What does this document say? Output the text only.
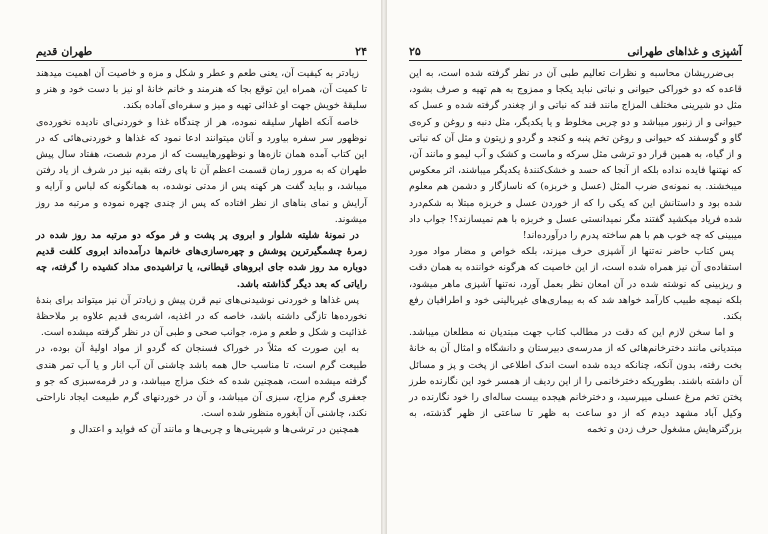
طهران قدیم	۲۴

زیادتر به کیفیت آن، یعنی طعم و عطر و شکل و مزه و خاصیت آن اهمیت میدهند تا کمیت آن، همراه این توقع بجا که هنرمند و خانم خانهٔ او نیز با دست خود و هنر و سلیقهٔ خویش جهت او غذائی تهیه و میز و سفره‌ای آماده بکند.

خاصه آنکه اظهار سلیقه نموده، هر از چندگاه غذا و خوردنی‌ای نادیده نخورده‌ی نوظهور سر سفره بیاورد و آنان میتوانند ادعا نمود که غذاها و خوردنی‌هائی که در این کتاب آمده همان تازه‌ها و نوظهورهاییست که از مردم شصت، هفتاد سال پیش طهران که به مرور زمان قسمت اعظم آن تا پای رفته بقیه نیز در شرف از یاد رفتن میباشد، و بباید گفت هر کهنه پس از مدتی نوشده، به همانگونه که لباس و آرایه و آرایش و نمای بناهای از نظر افتاده که پس از چندی چهره نموده و مرتبه مد روز میشوند.

در نمونهٔ شلیته شلوار و ابروی پر پشت و فر موکه دو مرتبه مد روز شده در زمرهٔ چشمگیرترین پوشش و چهره‌سازی‌های خانم‌ها درآمده‌اند ابروی کلفت قدیم دوباره مد روز شده جای ابروهای قیطانی، یا تراشیده‌ی مداد کشیده را گرفته، چه رایاتی که بعد دیگر گذاشته باشد.

پس غذاها و خوردنی نوشیدنی‌های نیم قرن پیش و زیادتر آن نیز میتواند برای بندهٔ نخورده‌ها تازگی داشته باشد، خاصه که در اغذیه، اشربه‌ی قدیم علاوه بر ملاحظهٔ غذائیت و شکل و طعم و مزه، جوانب صحی و طبی آن در نظر گرفته میشده است.

به این صورت که مثلاً در خوراک فسنجان که گردو از مواد اولیهٔ آن بوده، در طبیعت گرم است، تا مناسب حال همه باشد چاشنی آن آب انار و یا آب تمر هندی گرفته میشده است، همچنین شده که خنک مزاج میباشد، و در قرمه‌سبزی که جو و جعفری گرم مزاج، سبزی آن میباشد، و آن در خوردنهای گرم طبیعت ایجاد ناراحتی نکند، چاشنی آن آبغوره منظور شده است.

همچنین در ترشی‌ها و شیرینی‌ها و چربی‌ها و مانند آن که فواید و اعتدال و

۲۵	آشپزی و غذاهای طهرانی

بی‌ضرریشان محاسبه و نظرات تعالیم طبی آن در نظر گرفته شده است، به این قاعده که دو خوراکی حیوانی و نباتی نباید یکجا و ممزوج به هم تهیه و صرف بشود، مثل دو شیرینی مختلف المزاج مانند قند که نباتی و از چغندر گرفته شده و عسل که حیوانی و از زنبور میباشد و دو چربی مخلوط و یا یکدیگر، مثل دنبه و روغن و کره‌ی گاو و گوسفند که حیوانی و روغن تخم پنبه و کنجد و گردو و زیتون و مثل آن که نباتی و از گیاه، به همین قرار دو ترشی مثل سرکه و ماست و کشک و آب لیمو و مانند آن، که نهتنها فایده نداده بلکه از آنجا که حسد و خشک‌کنندهٔ یکدیگر میباشند، اثر معکوس میبخشند. به نمونه‌ی ضرب المثل (عسل و خربزه) که ناسازگار و دشمن هم معلوم شده بود و داستانش این که یکی را که از خوردن عسل و خربزه مبتلا به شکم‌درد شده فریاد میکشید گفتند مگر نمیدانستی عسل و خربزه با هم نمیسازند؟! جواب داد میبینی که چه خوب هم با هم ساخته پدرم را درآورده‌اند!

پس کتاب حاضر نه‌تنها از آشپزی حرف میزند، بلکه خواص و مضار مواد مورد استفاده‌ی آن نیز همراه شده است، از این خاصیت که هرگونه خواننده به همان دقت و ریزبینی که نوشته شده در آن امعان نظر بعمل آورد، نه‌تنها آشپزی ماهر میشود، بلکه نیمچه طبیب کارآمد خواهد شد که به بیماری‌های غیربالینی خود و اطرافیان رفع بکند.

و اما سخن لازم این که دقت در مطالب کتاب جهت مبتدیان نه مطلعان میباشد. مبتدیانی مانند دخترخانم‌هائی که از مدرسه‌ی دبیرستان و دانشگاه و امثال آن به خانهٔ بخت رفته، بدون آنکه، چنانکه دیده شده است اندک اطلاعی از پخت و پز و مسائل آن داشته باشند. بطوریکه دخترخانمی را از این ردیف از همسر خود این نگارنده طرز پختن تخم مرغ عسلی میپرسید، و دخترخانم هیجده بیست ساله‌ای را خود نگارنده در وکیل آباد مشهد دیدم که از دو ساعت به ظهر تا ساعتی از ظهر گذشته، به بزرگترهایش مشغول حرف زدن و تخمه
